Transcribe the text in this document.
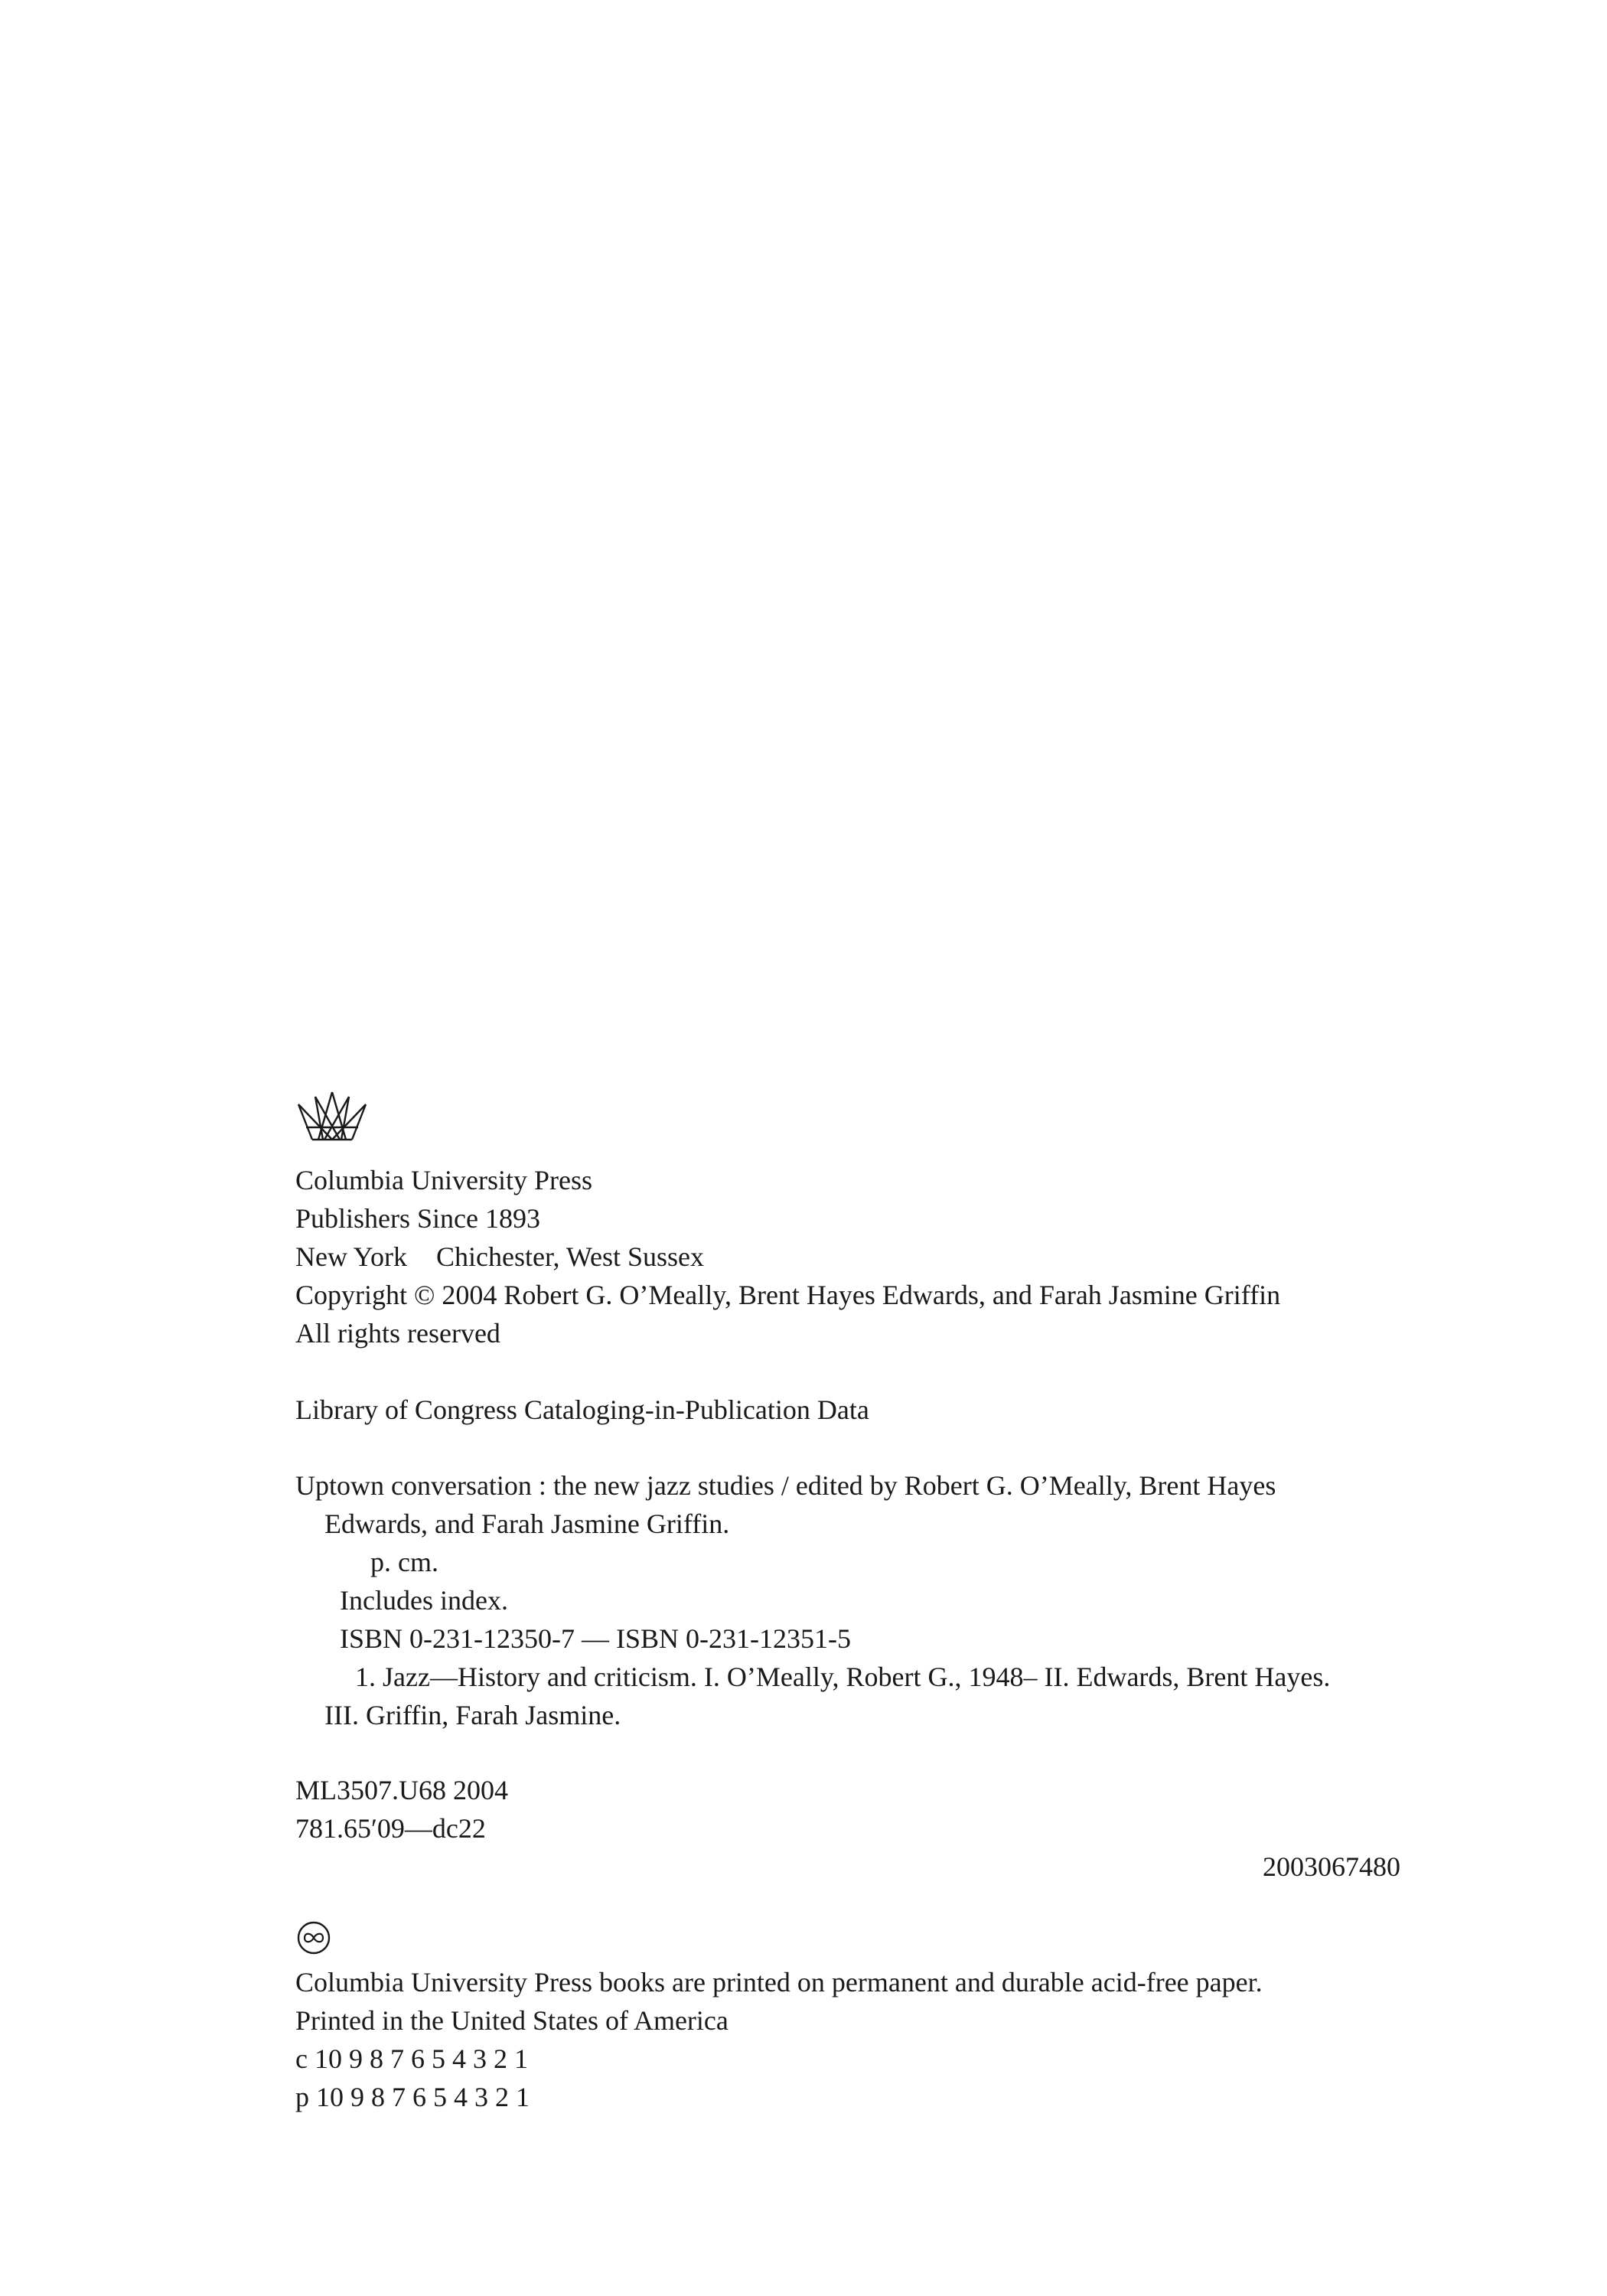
Columbia University Press
Publishers Since 1893
New York Chichester, West Sussex
Copyright © 2004 Robert G. O’Meally, Brent Hayes Edwards, and Farah Jasmine Griffin
All rights reserved
Library of Congress Cataloging-in-Publication Data
Uptown conversation : the new jazz studies / edited by Robert G. O’Meally, Brent Hayes
Edwards, and Farah Jasmine Griffin.
p. cm.
Includes index.
ISBN 0-231-12350-7 — ISBN 0-231-12351-5
1. Jazz—History and criticism. I. O’Meally, Robert G., 1948– II. Edwards, Brent Hayes.
III. Griffin, Farah Jasmine.
ML3507.U68 2004
781.65′09—dc22
2003067480
Columbia University Press books are printed on permanent and durable acid-free paper.
Printed in the United States of America
c 10 9 8 7 6 5 4 3 2 1
p 10 9 8 7 6 5 4 3 2 1
